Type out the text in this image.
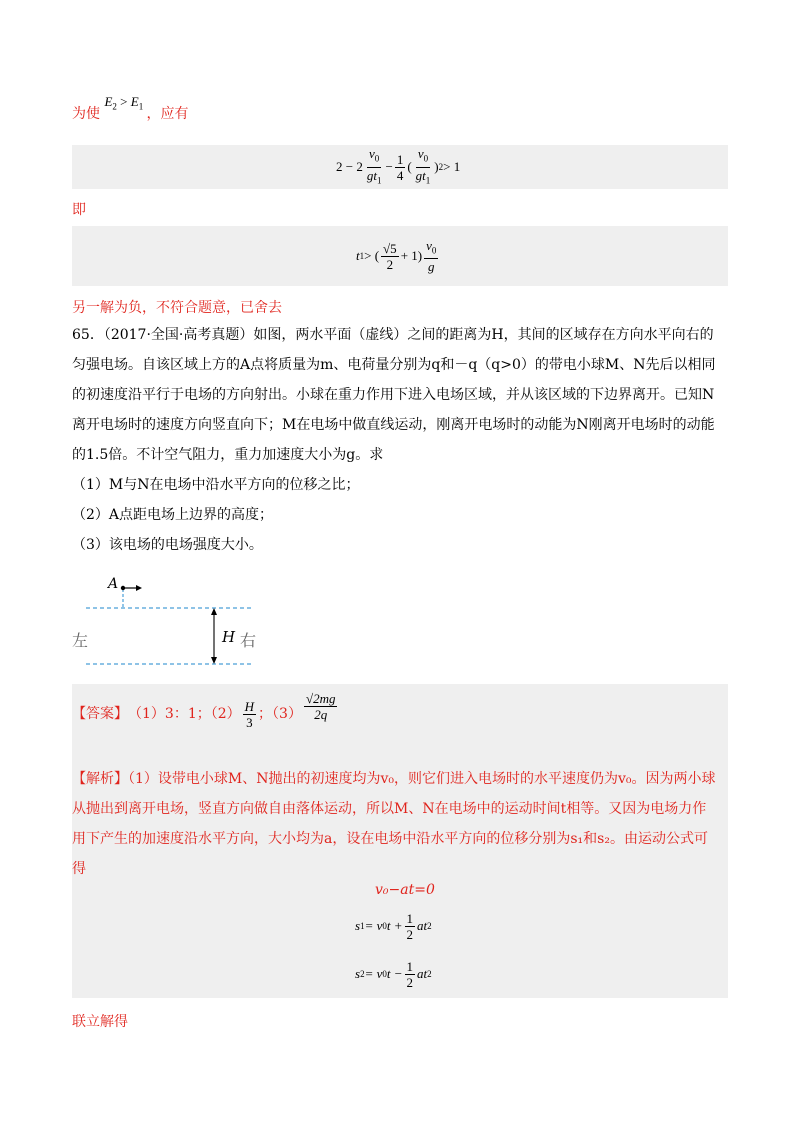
为使 $E_2 > E_1$ ，应有
$2 - 2 \frac{v_0}{gt_1} - \frac{1}{4}$ ( $\frac{v_0}{gt_1}$ ) 2 > 1
即
t 1 > ( $\frac{√5}{2} + 1) \frac{v_0}{g}$
另一解为负，不符合题意，已舍去
65．（2017·全国·高考真题）如图，两水平面（虚线）之间的距离为H，其间的区域存在方向水平向右的
匀强电场。自该区域上方的A点将质量为m、电荷量分别为q和－q（q>0）的带电小球M、N先后以相同
的初速度沿平行于电场的方向射出。小球在重力作用下进入电场区域，并从该区域的下边界离开。已知N
离开电场时的速度方向竖直向下；M在电场中做直线运动，刚离开电场时的动能为N刚离开电场时的动能
的1.5倍。不计空气阻力，重力加速度大小为g。求
（1）M与N在电场中沿水平方向的位移之比；
（2）A点距电场上边界的高度；
（3）该电场的电场强度大小。
A
左	H 右
【答案】 （1）3：1；$(2) \frac{H}{3}$ ；$(3) \frac{√2mg}{2q}$
【解析】（1）设带电小球M、N抛出的初速度均为v₀，则它们进入电场时的水平速度仍为v₀。因为两小球
从抛出到离开电场，竖直方向做自由落体运动，所以M、N在电场中的运动时间t相等。又因为电场力作
用下产生的加速度沿水平方向，大小均为a，设在电场中沿水平方向的位移分别为s₁和s₂。由运动公式可
得
v₀−at=0
s 1 = v 0 $t + \frac{1}{2}$ at 2
s 2 = v 0 $t - \frac{1}{2}$ at 2
联立解得
